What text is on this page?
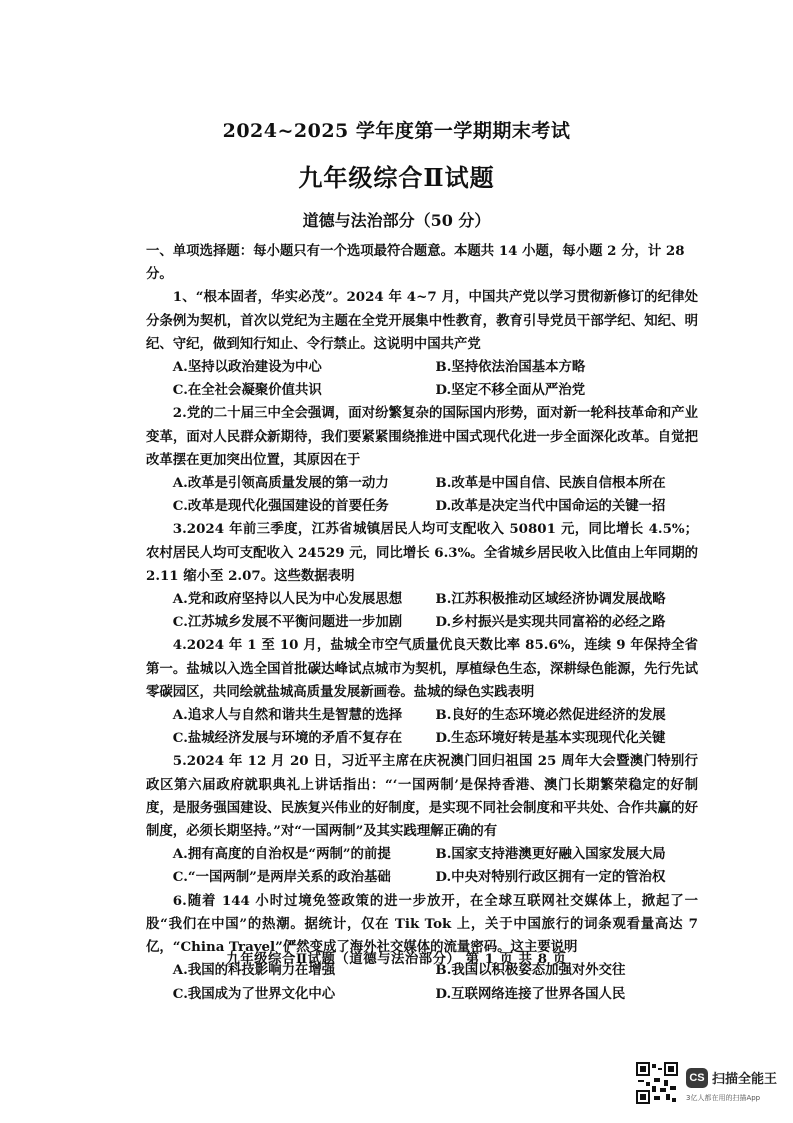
2024~2025 学年度第一学期期末考试
九年级综合Ⅱ试题
道德与法治部分（50 分）

一、单项选择题：每小题只有一个选项最符合题意。本题共 14 小题，每小题 2 分，计 28 分。

1、“根本固者，华实必茂”。2024 年 4~7 月，中国共产党以学习贯彻新修订的纪律处分条例为契机，首次以党纪为主题在全党开展集中性教育，教育引导党员干部学纪、知纪、明纪、守纪，做到知行知止、令行禁止。这说明中国共产党

A.坚持以政治建设为中心	B.坚持依法治国基本方略
C.在全社会凝聚价值共识	D.坚定不移全面从严治党

2.党的二十届三中全会强调，面对纷繁复杂的国际国内形势，面对新一轮科技革命和产业变革，面对人民群众新期待，我们要紧紧围绕推进中国式现代化进一步全面深化改革。自觉把改革摆在更加突出位置，其原因在于

A.改革是引领高质量发展的第一动力	B.改革是中国自信、民族自信根本所在
C.改革是现代化强国建设的首要任务	D.改革是决定当代中国命运的关键一招

3.2024 年前三季度，江苏省城镇居民人均可支配收入 50801 元，同比增长 4.5%；农村居民人均可支配收入 24529 元，同比增长 6.3%。全省城乡居民收入比值由上年同期的 2.11 缩小至 2.07。这些数据表明

A.党和政府坚持以人民为中心发展思想	B.江苏积极推动区域经济协调发展战略
C.江苏城乡发展不平衡问题进一步加剧	D.乡村振兴是实现共同富裕的必经之路

4.2024 年 1 至 10 月，盐城全市空气质量优良天数比率 85.6%，连续 9 年保持全省第一。盐城以入选全国首批碳达峰试点城市为契机，厚植绿色生态，深耕绿色能源，先行先试零碳园区，共同绘就盐城高质量发展新画卷。盐城的绿色实践表明

A.追求人与自然和谐共生是智慧的选择	B.良好的生态环境必然促进经济的发展
C.盐城经济发展与环境的矛盾不复存在	D.生态环境好转是基本实现现代化关键

5.2024 年 12 月 20 日，习近平主席在庆祝澳门回归祖国 25 周年大会暨澳门特别行政区第六届政府就职典礼上讲话指出：“‘一国两制’是保持香港、澳门长期繁荣稳定的好制度，是服务强国建设、民族复兴伟业的好制度，是实现不同社会制度和平共处、合作共赢的好制度，必须长期坚持。”对“一国两制”及其实践理解正确的有

A.拥有高度的自治权是“两制”的前提	B.国家支持港澳更好融入国家发展大局
C.“一国两制”是两岸关系的政治基础	D.中央对特别行政区拥有一定的管治权

6.随着 144 小时过境免签政策的进一步放开，在全球互联网社交媒体上，掀起了一股“我们在中国”的热潮。据统计，仅在 Tik Tok 上，关于中国旅行的词条观看量高达 7 亿，“China Travel”俨然变成了海外社交媒体的流量密码。这主要说明

A.我国的科技影响力在增强	B.我国以积极姿态加强对外交往
C.我国成为了世界文化中心	D.互联网络连接了世界各国人民
九年级综合Ⅱ试题（道德与法治部分） 第 1 页 共 8 页
CS 扫描全能王
3亿人都在用的扫描App
